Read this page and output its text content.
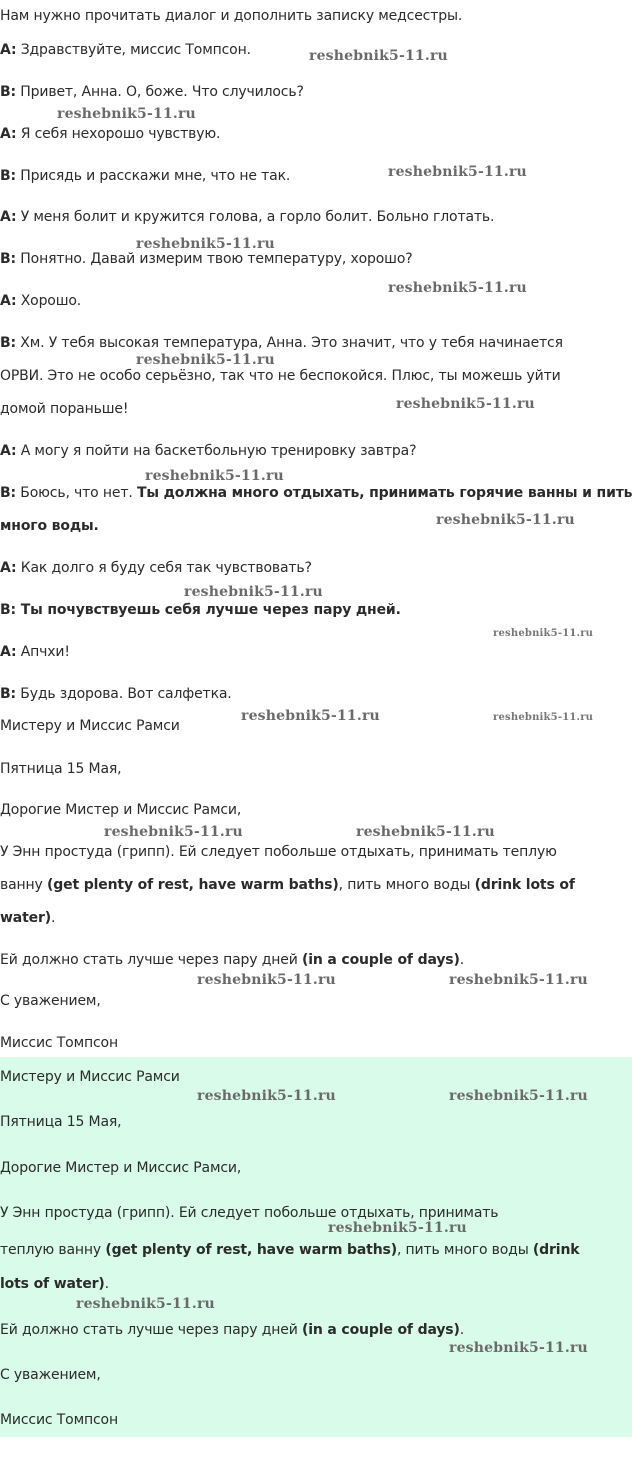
Нам нужно прочитать диалог и дополнить записку медсестры.

A: Здравствуйте, миссис Томпсон.

B: Привет, Анна. О, боже. Что случилось?

A: Я себя нехорошо чувствую.

B: Присядь и расскажи мне, что не так.

A: У меня болит и кружится голова, а горло болит. Больно глотать.

B: Понятно. Давай измерим твою температуру, хорошо?

A: Хорошо.

B: Хм. У тебя высокая температура, Анна. Это значит, что у тебя начинается

ОРВИ. Это не особо серьёзно, так что не беспокойся. Плюс, ты можешь уйти

домой пораньше!

A: А могу я пойти на баскетбольную тренировку завтра?

B: Боюсь, что нет. Ты должна много отдыхать, принимать горячие ванны и пить

много воды.

A: Как долго я буду себя так чувствовать?

B: Ты почувствуешь себя лучше через пару дней.

A: Апчхи!

B: Будь здорова. Вот салфетка.

Мистеру и Миссис Рамси

Пятница 15 Мая,

Дорогие Мистер и Миссис Рамси,

У Энн простуда (грипп). Ей следует побольше отдыхать, принимать теплую

ванну (get plenty of rest, have warm baths), пить много воды (drink lots of

water).

Ей должно стать лучше через пару дней (in a couple of days).

С уважением,

Миссис Томпсон

Мистеру и Миссис Рамси

Пятница 15 Мая,

Дорогие Мистер и Миссис Рамси,

У Энн простуда (грипп). Ей следует побольше отдыхать, принимать

теплую ванну (get plenty of rest, have warm baths), пить много воды (drink

lots of water).

Ей должно стать лучше через пару дней (in a couple of days).

С уважением,

Миссис Томпсон

reshebnik5-11.ru
reshebnik5-11.ru
reshebnik5-11.ru
reshebnik5-11.ru
reshebnik5-11.ru
reshebnik5-11.ru
reshebnik5-11.ru
reshebnik5-11.ru
reshebnik5-11.ru
reshebnik5-11.ru
reshebnik5-11.ru
reshebnik5-11.ru	reshebnik5-11.ru
reshebnik5-11.ru	reshebnik5-11.ru
reshebnik5-11.ru	reshebnik5-11.ru
reshebnik5-11.ru	reshebnik5-11.ru
reshebnik5-11.ru
reshebnik5-11.ru
reshebnik5-11.ru
